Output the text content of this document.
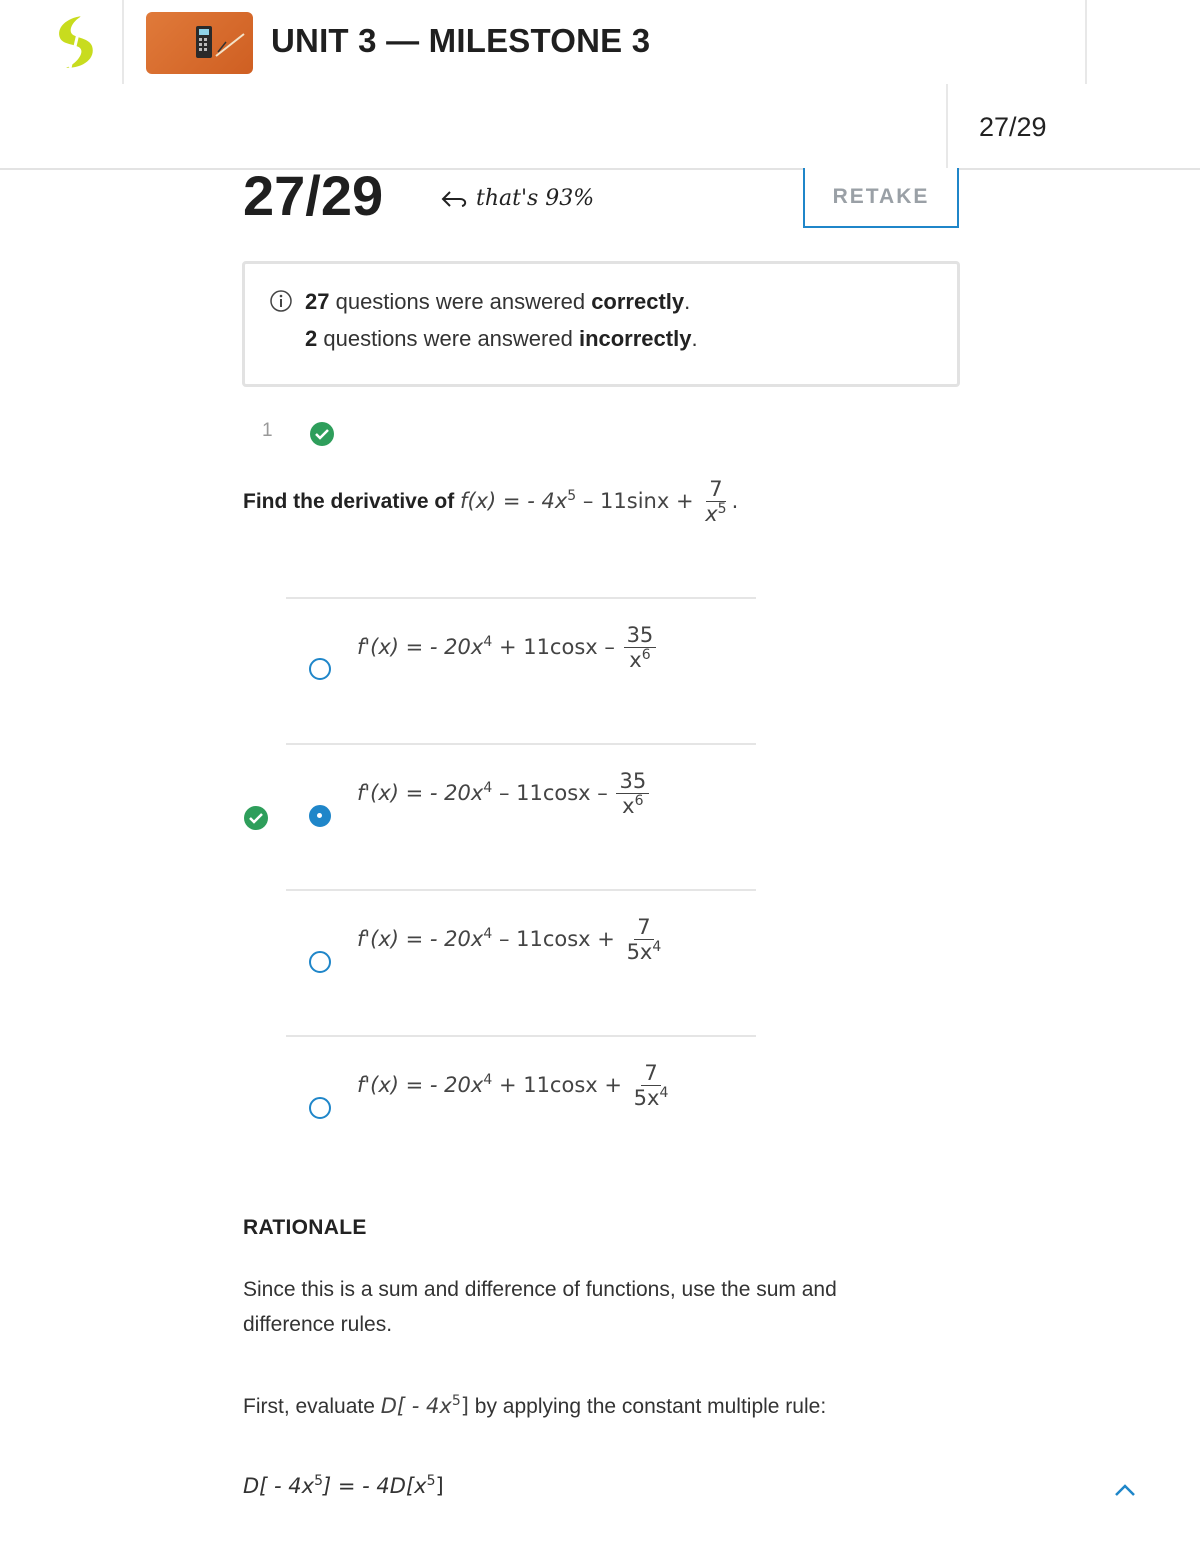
UNIT 3 — MILESTONE 3
27/29
27/29	that's 93%	RETAKE
27 questions were answered correctly.
2 questions were answered incorrectly.
1
Find the derivative of f(x) = - $4x^5 - 11\sin x + \frac{7}{x^5}$ .
f'(x) = - $20x^4 + 11\cos x - \frac{35}{x^6}$
f'(x) = - $20x^4 - 11\cos x - \frac{35}{x^6}$
f'(x) = - $20x^4 - 11\cos x + \frac{7}{5x^4}$
f'(x) = - $20x^4 + 11\cos x + \frac{7}{5x^4}$
RATIONALE
Since this is a sum and difference of functions, use the sum and difference rules.
First, evaluate $D[ - 4x^5]$ by applying the constant multiple rule:
$D[ - 4x^5]$ = - $4D[x^5]$
